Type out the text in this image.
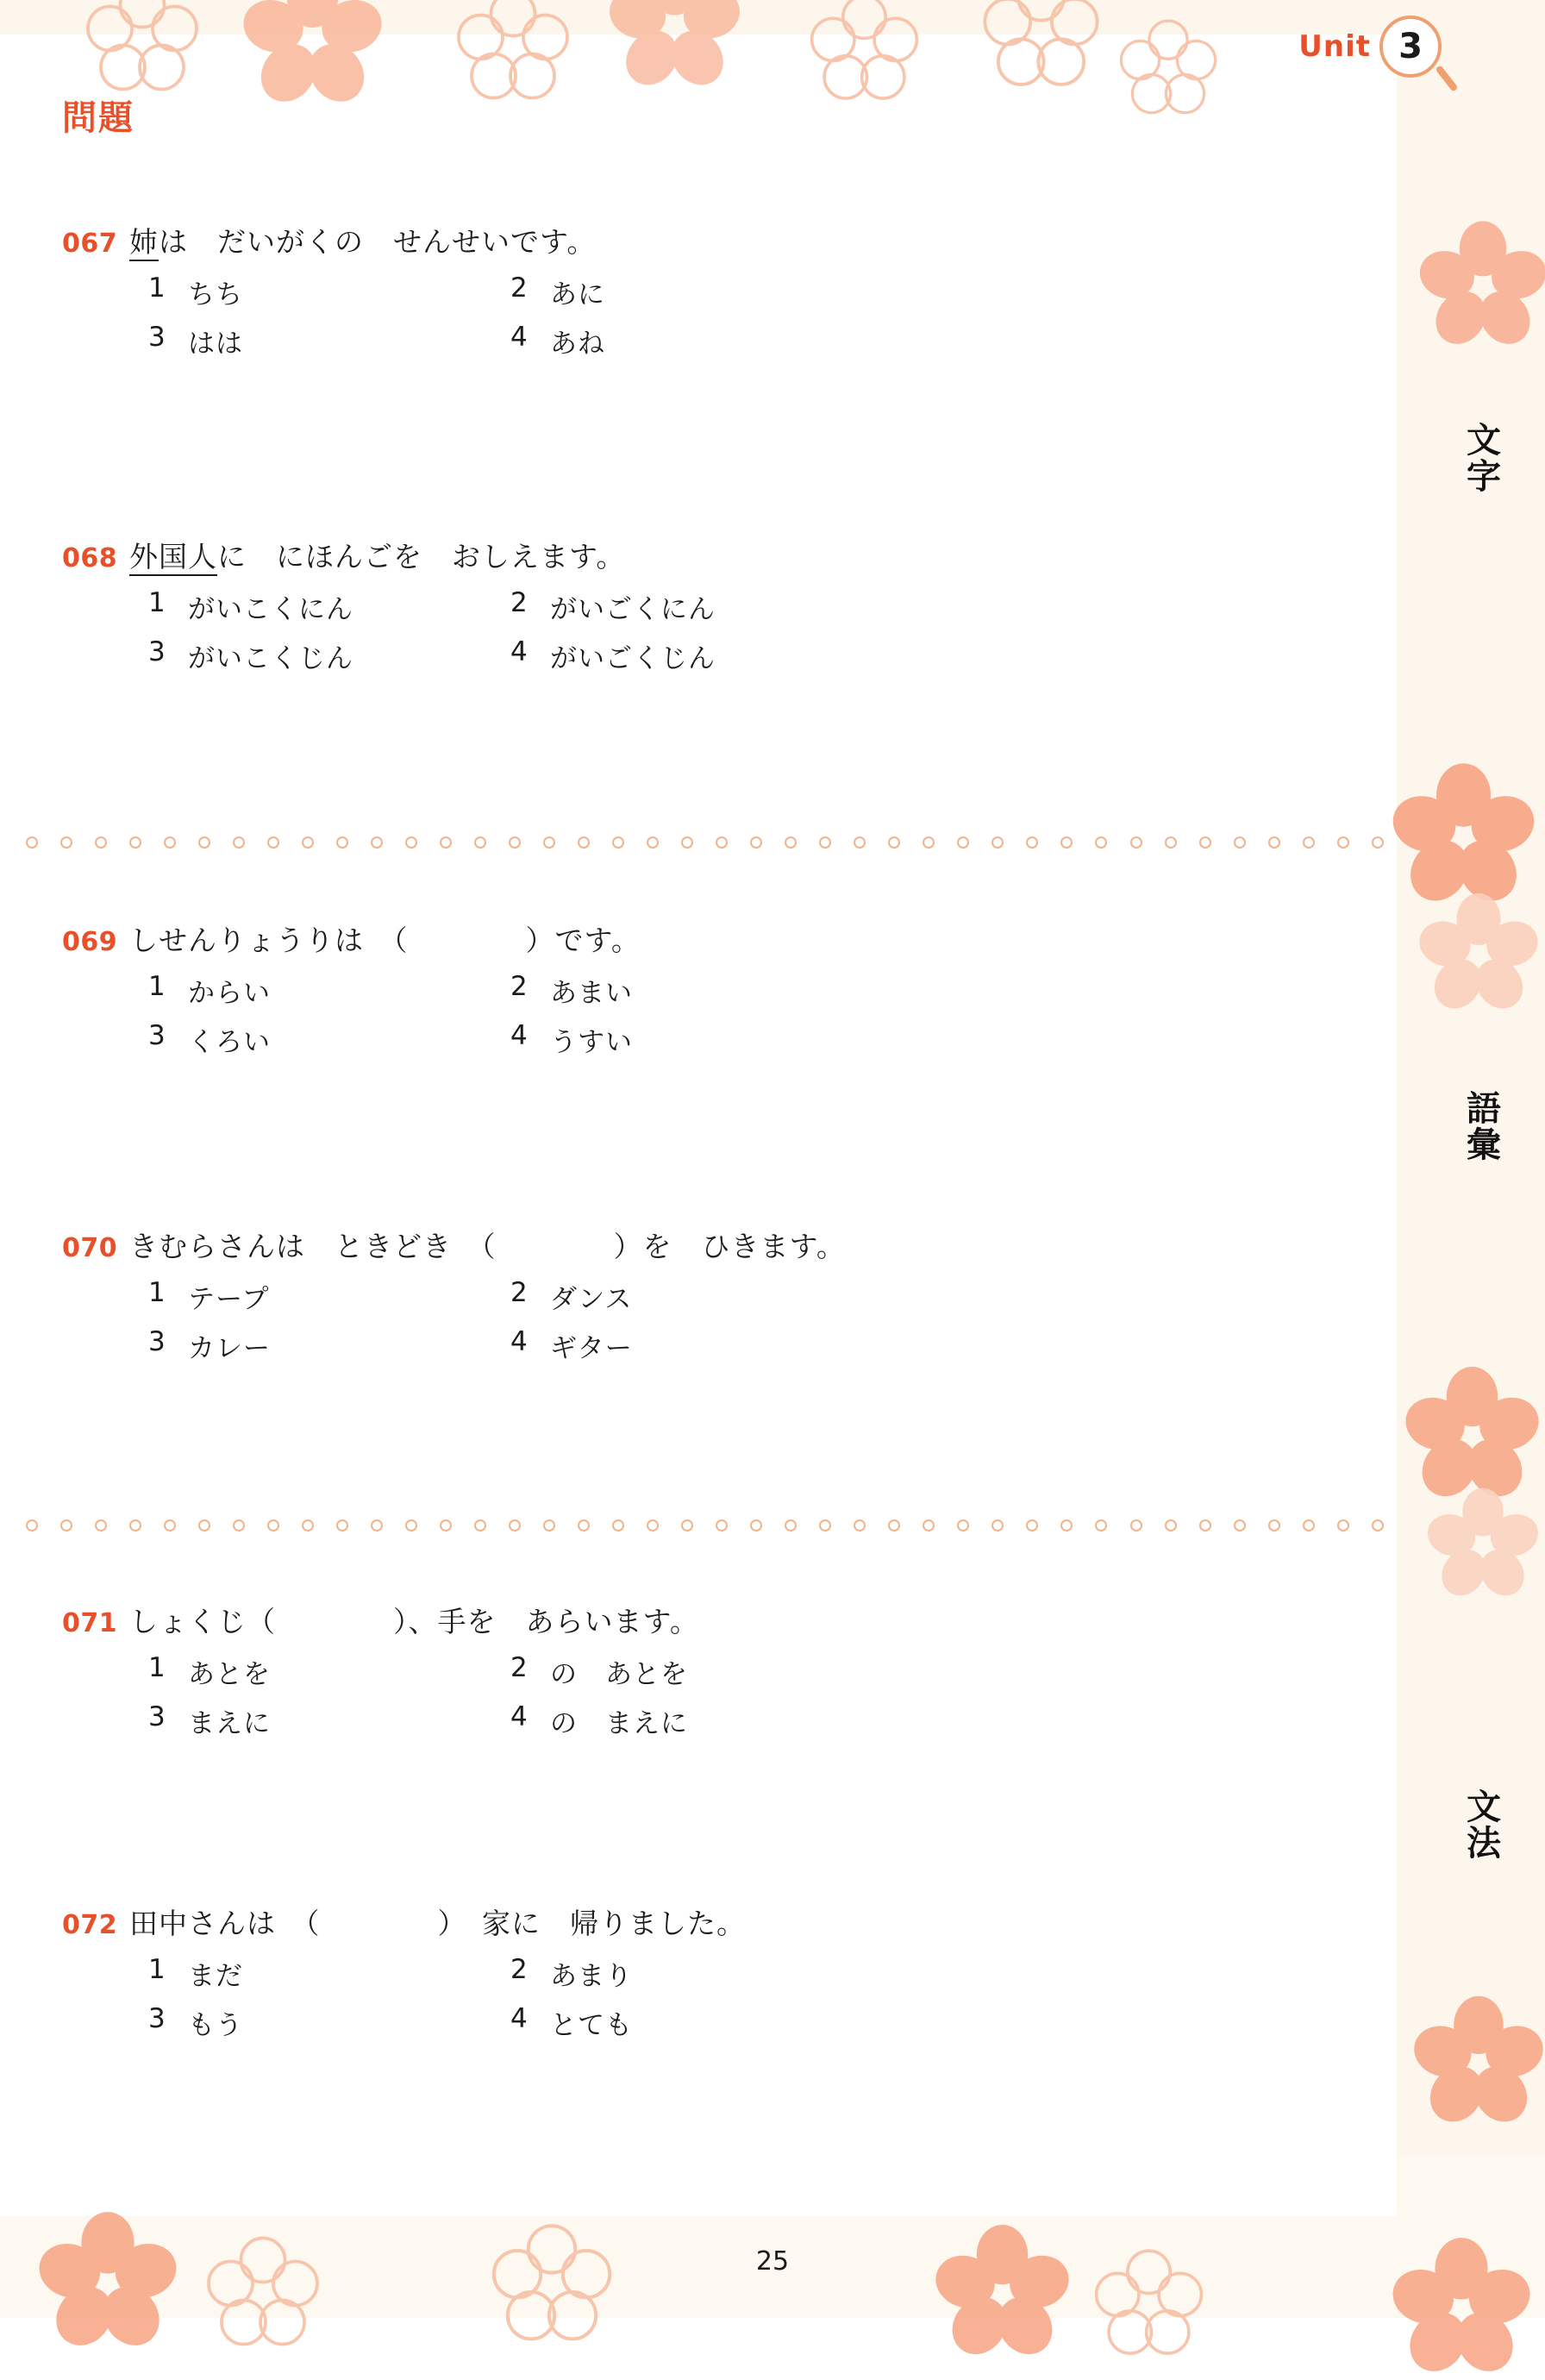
Unit 3
問題
文
字
語
彙
文
法
067 姉は　だいがくの　せんせいです。
1 ちち	2 あに
3 はは	4 あね
068 外国人に　にほんごを　おしえます。
1 がいこくにん	2 がいごくにん
3 がいこくじん	4 がいごくじん
069 しせんりょうりは　（　　　　）です。
1 からい	2 あまい
3 くろい	4 うすい
070 きむらさんは　ときどき　（　　　　）を　ひきます。
1 テープ	2 ダンス
3 カレー	4 ギター
071 しょくじ（　　　　）、手を　あらいます。
1 あとを	2 の　あとを
3 まえに	4 の　まえに
072 田中さんは　（　　　　）　家に　帰りました。
1 まだ	2 あまり
3 もう	4 とても
25
